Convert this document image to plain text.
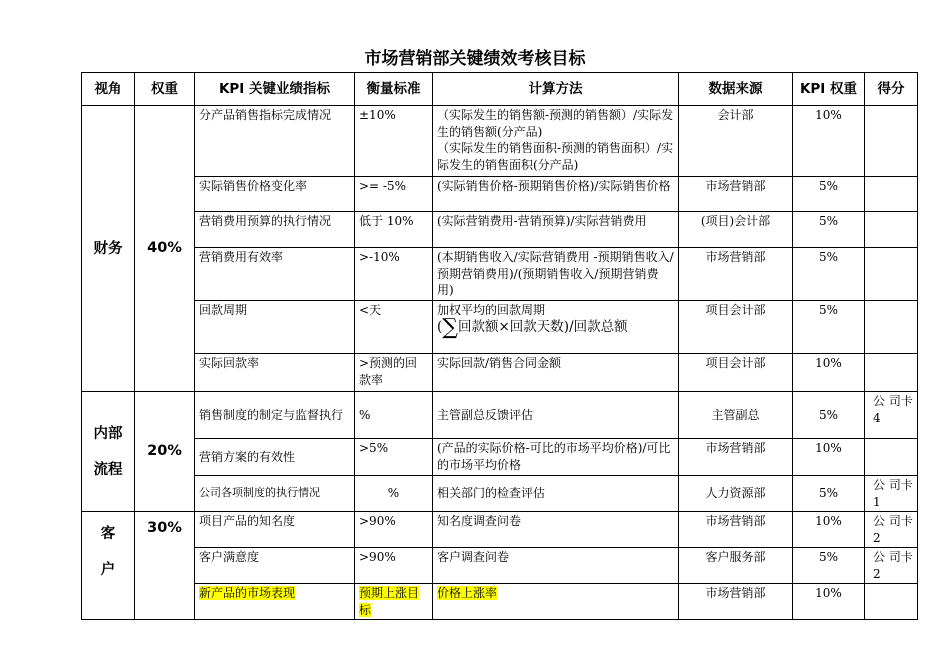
市场营销部关键绩效考核目标
视角	权重	KPI 关键业绩指标	衡量标准	计算方法	数据来源	KPI 权重	得分
财务	40%	分产品销售指标完成情况	±10%	（实际发生的销售额-预测的销售额）/实际发生的销售额(分产品)
（实际发生的销售面积-预测的销售面积）/实际发生的销售面积(分产品)	会计部	10%	
		实际销售价格变化率	>= -5%	(实际销售价格-预期销售价格)/实际销售价格	市场营销部	5%	
		营销费用预算的执行情况	低于 10%	(实际营销费用-营销预算)/实际营销费用	(项目)会计部	5%	
		营销费用有效率	>-10%	(本期销售收入/实际营销费用 -预期销售收入/预期营销费用)/(预期销售收入/预期营销费用)	市场营销部	5%	
		回款周期	<天	加权平均的回款周期
(∑回款额×回款天数)/回款总额	项目会计部	5%	
		实际回款率	>预测的回款率	实际回款/销售合同金额	项目会计部	10%	
内部
流程	20%	销售制度的制定与监督执行	%	主管副总反馈评估	主管副总	5%	公 司卡 4
		营销方案的有效性	>5%	(产品的实际价格-可比的市场平均价格)/可比的市场平均价格	市场营销部	10%	
		公司各项制度的执行情况	%	相关部门的检查评估	人力资源部	5%	公 司卡 1
客
户	30%	项目产品的知名度	>90%	知名度调查问卷	市场营销部	10%	公 司卡 2
		客户满意度	>90%	客户调查问卷	客户服务部	5%	公 司卡 2
		新产品的市场表现	预期上涨目标	价格上涨率	市场营销部	10%	
